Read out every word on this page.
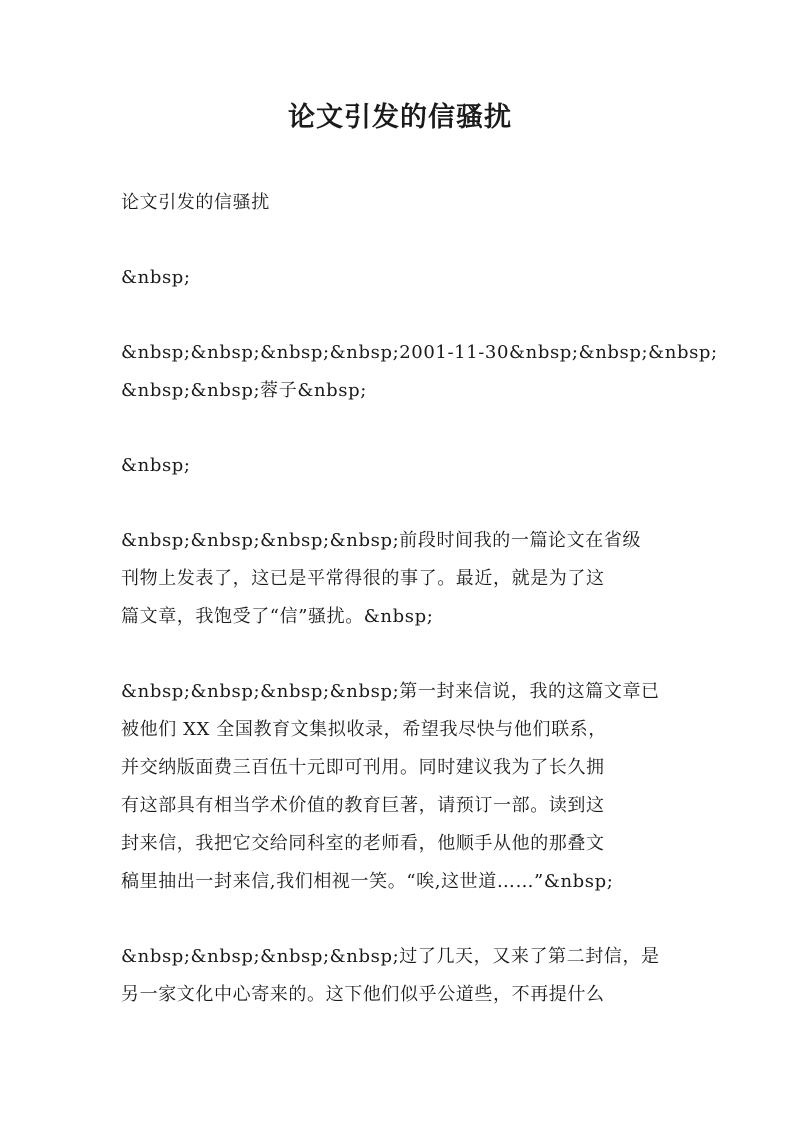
论文引发的信骚扰

论文引发的信骚扰

&nbsp;

&nbsp;&nbsp;&nbsp;&nbsp;2001-11-30&nbsp;&nbsp;&nbsp;
&nbsp;&nbsp;蓉子&nbsp;

&nbsp;

&nbsp;&nbsp;&nbsp;&nbsp;前段时间我的一篇论文在省级
刊物上发表了，这已是平常得很的事了。最近，就是为了这
篇文章，我饱受了“信”骚扰。&nbsp;

&nbsp;&nbsp;&nbsp;&nbsp;第一封来信说，我的这篇文章已
被他们 XX 全国教育文集拟收录，希望我尽快与他们联系，
并交纳版面费三百伍十元即可刊用。同时建议我为了长久拥
有这部具有相当学术价值的教育巨著，请预订一部。读到这
封来信，我把它交给同科室的老师看，他顺手从他的那叠文
稿里抽出一封来信,我们相视一笑。“唉,这世道……”&nbsp;

&nbsp;&nbsp;&nbsp;&nbsp;过了几天，又来了第二封信，是
另一家文化中心寄来的。这下他们似乎公道些，不再提什么
